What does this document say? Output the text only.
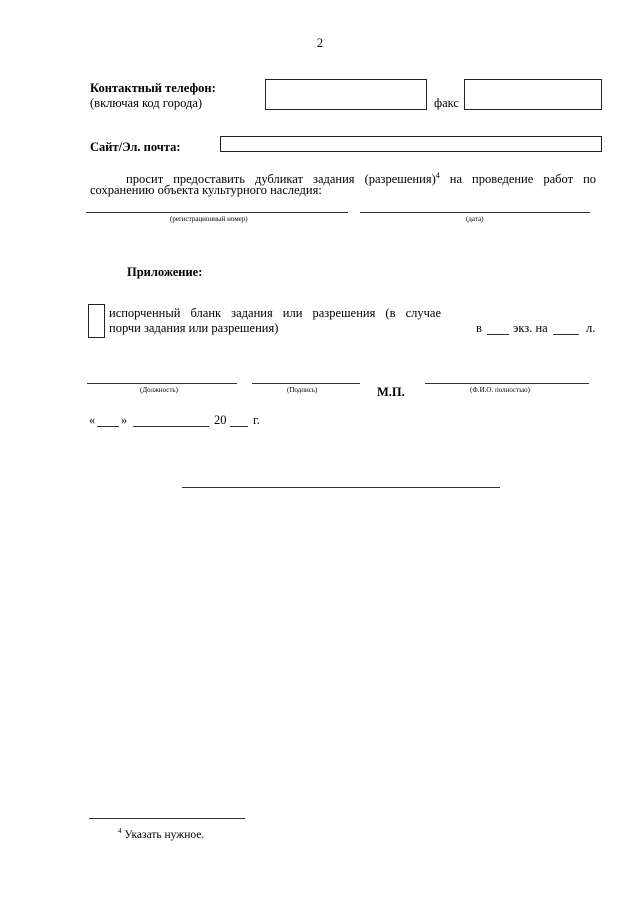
2
Контактный телефон:
(включая код города)	факс
Сайт/Эл. почта:
просит предоставить дубликат задания (разрешения)$^4$ на проведение работ по
сохранению объекта культурного наследия:
(регистрационный номер)	(дата)
Приложение:
испорченный бланк задания или разрешения (в случае
порчи задания или разрешения)	в экз. на	л.
(Должность)	(Подпись)	М.П.	(Ф.И.О. полностью)
« »	20 г.
$^4$ Указать нужное.
